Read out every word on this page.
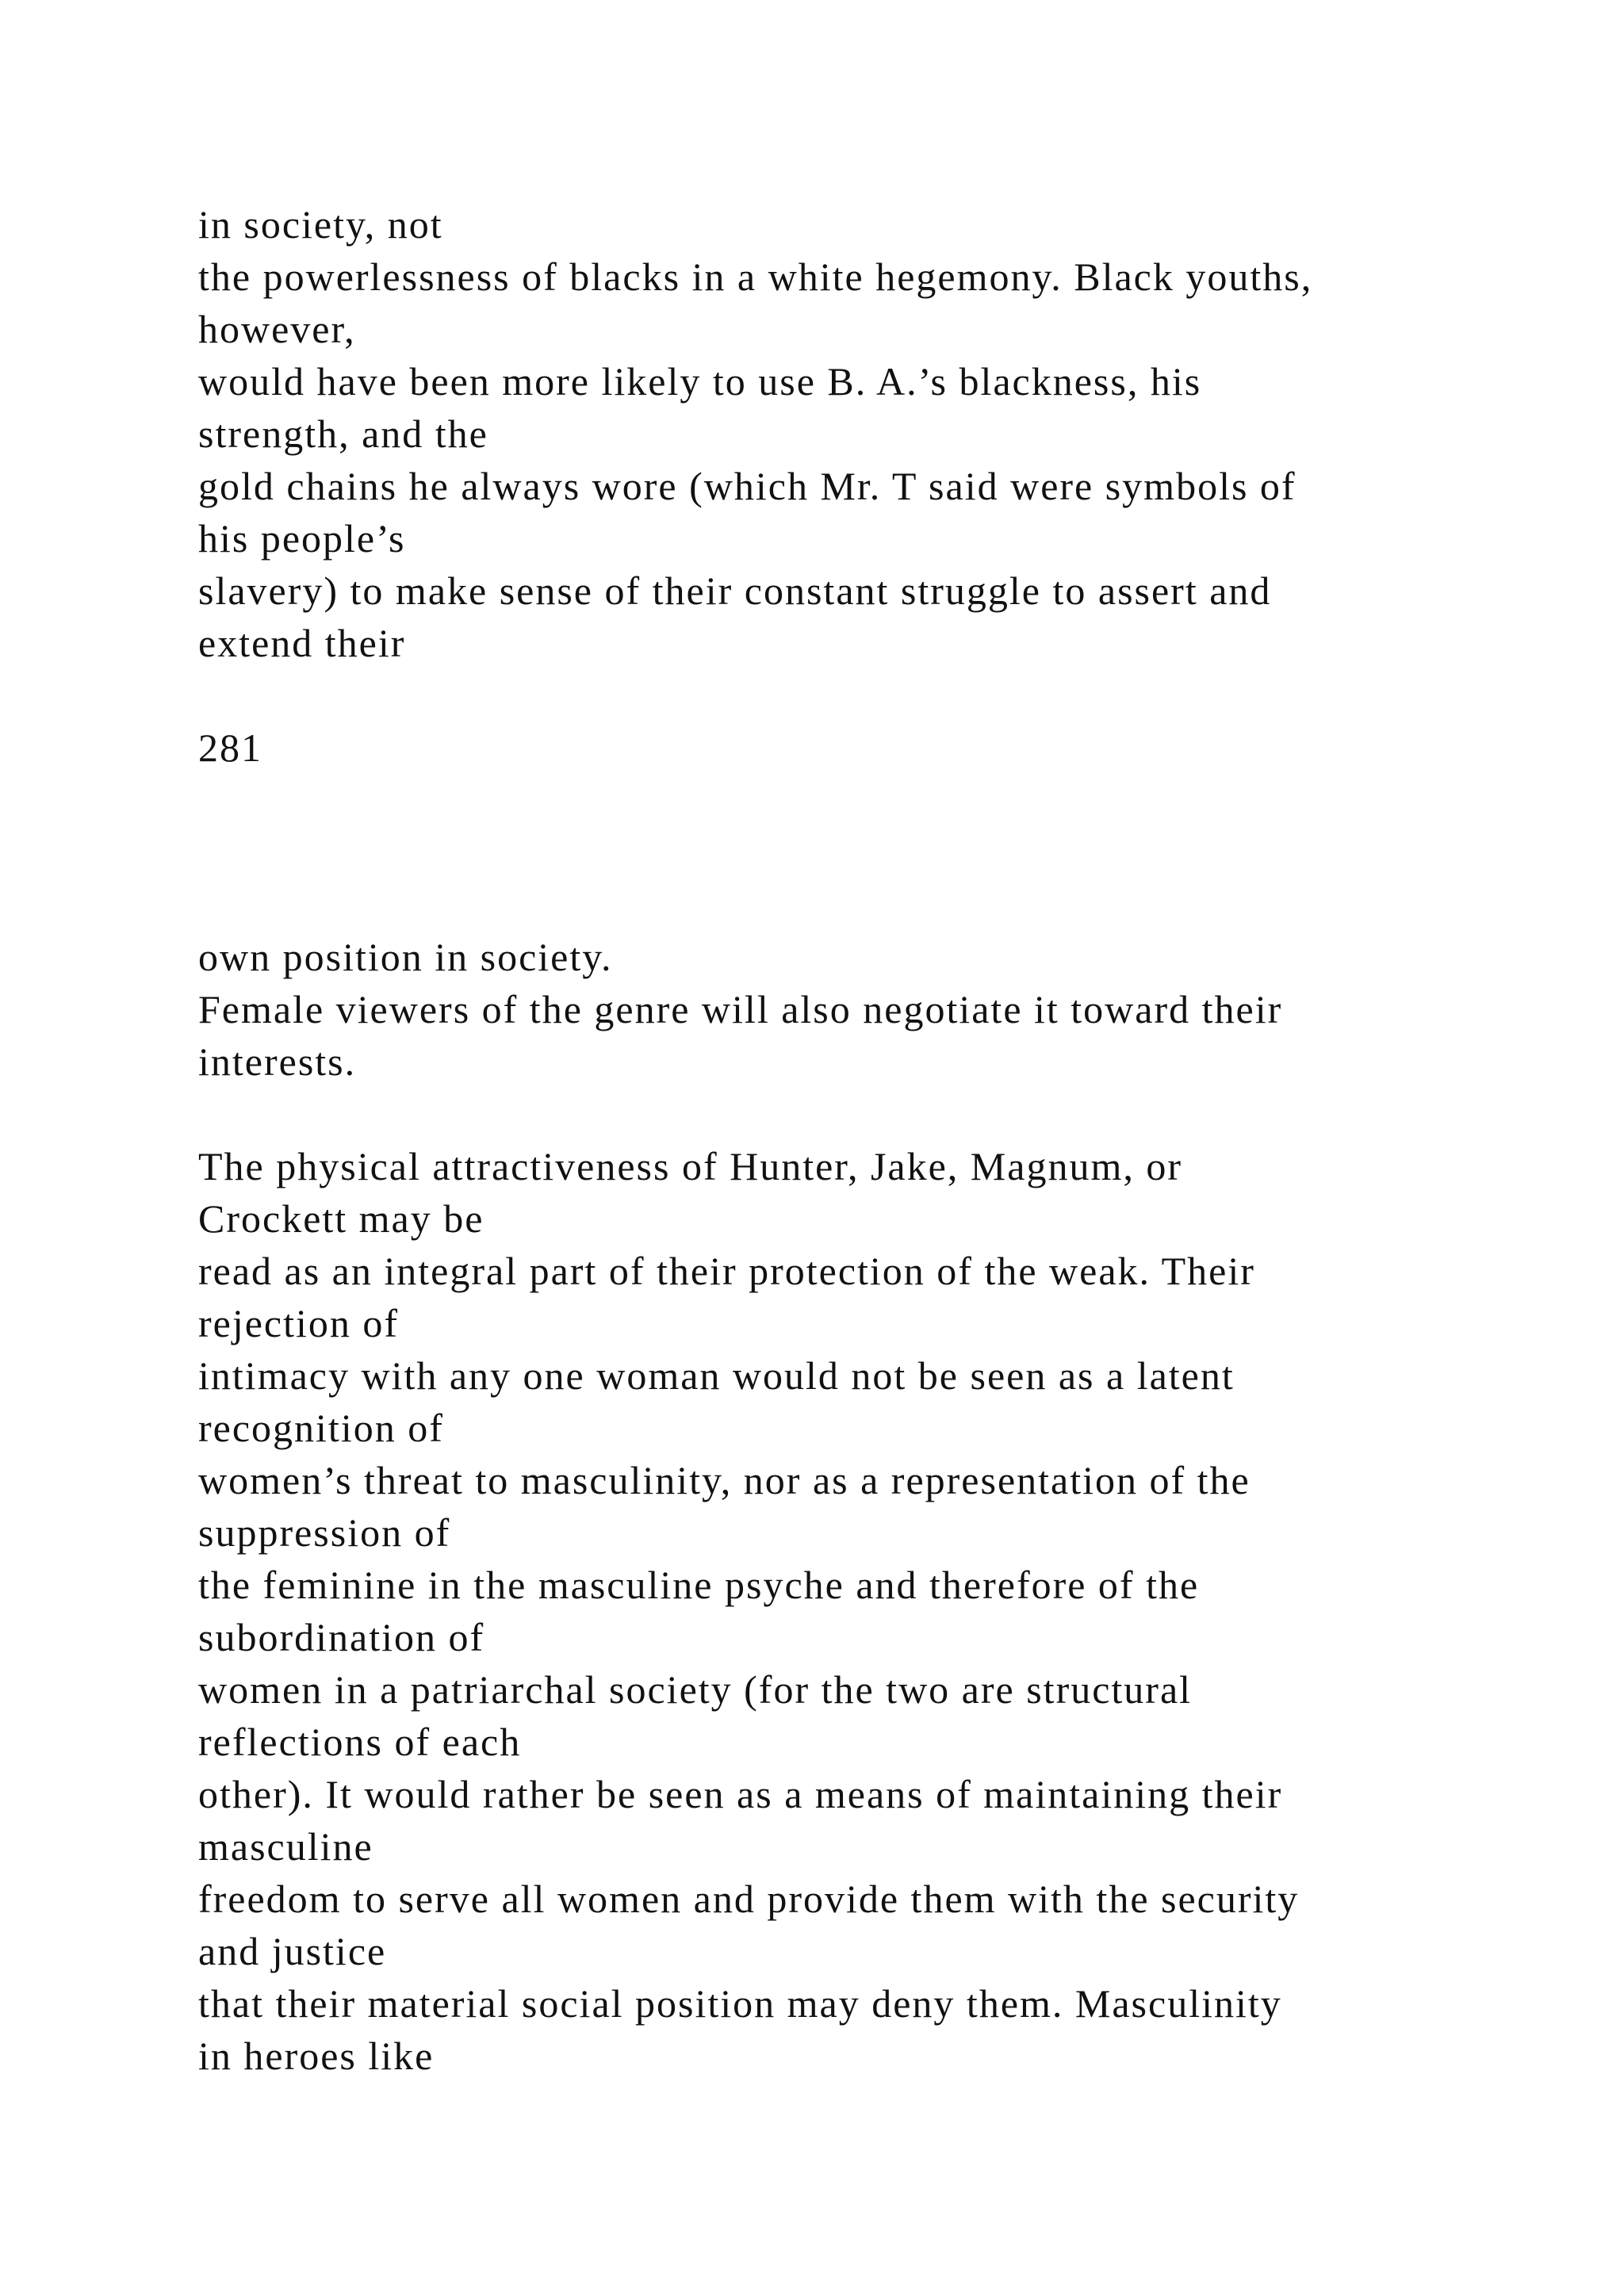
in society, not

the powerlessness of blacks in a white hegemony. Black youths,

however,

would have been more likely to use B. A.’s blackness, his

strength, and the

gold chains he always wore (which Mr. T said were symbols of

his people’s

slavery) to make sense of their constant struggle to assert and

extend their

281

own position in society.

Female viewers of the genre will also negotiate it toward their

interests.

The physical attractiveness of Hunter, Jake, Magnum, or

Crockett may be

read as an integral part of their protection of the weak. Their

rejection of

intimacy with any one woman would not be seen as a latent

recognition of

women’s threat to masculinity, nor as a representation of the

suppression of

the feminine in the masculine psyche and therefore of the

subordination of

women in a patriarchal society (for the two are structural

reflections of each

other). It would rather be seen as a means of maintaining their

masculine

freedom to serve all women and provide them with the security

and justice

that their material social position may deny them. Masculinity

in heroes like
